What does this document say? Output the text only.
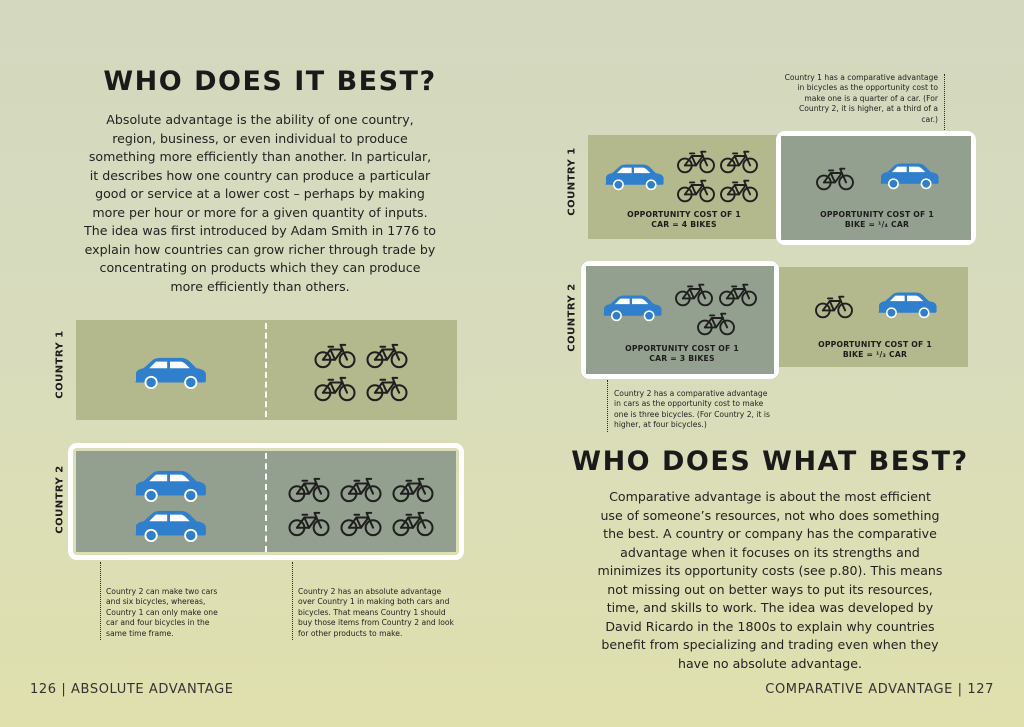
WHO DOES IT BEST?
Absolute advantage is the ability of one country, region, business, or even individual to produce something more efficiently than another. In particular, it describes how one country can produce a particular good or service at a lower cost – perhaps by making more per hour or more for a given quantity of inputs. The idea was first introduced by Adam Smith in 1776 to explain how countries can grow richer through trade by concentrating on products which they can produce more efficiently than others.
COUNTRY 1
COUNTRY 2
Country 2 can make two cars and six bicycles, whereas, Country 1 can only make one car and four bicycles in the same time frame.
Country 2 has an absolute advantage over Country 1 in making both cars and bicycles. That means Country 1 should buy those items from Country 2 and look for other products to make.
126 | ABSOLUTE ADVANTAGE
Country 1 has a comparative advantage in bicycles as the opportunity cost to make one is a quarter of a car. (For Country 2, it is higher, at a third of a car.)
OPPORTUNITY COST OF 1 CAR = 4 BIKES
OPPORTUNITY COST OF 1 BIKE = ¹/₄ CAR
COUNTRY 1
OPPORTUNITY COST OF 1 CAR = 3 BIKES
OPPORTUNITY COST OF 1 BIKE = ¹/₃ CAR
COUNTRY 2
Country 2 has a comparative advantage in cars as the opportunity cost to make one is three bicycles. (For Country 2, it is higher, at four bicycles.)
WHO DOES WHAT BEST?
Comparative advantage is about the most efficient use of someone’s resources, not who does something the best. A country or company has the comparative advantage when it focuses on its strengths and minimizes its opportunity costs (see p.80). This means not missing out on better ways to put its resources, time, and skills to work. The idea was developed by David Ricardo in the 1800s to explain why countries benefit from specializing and trading even when they have no absolute advantage.
COMPARATIVE ADVANTAGE | 127
